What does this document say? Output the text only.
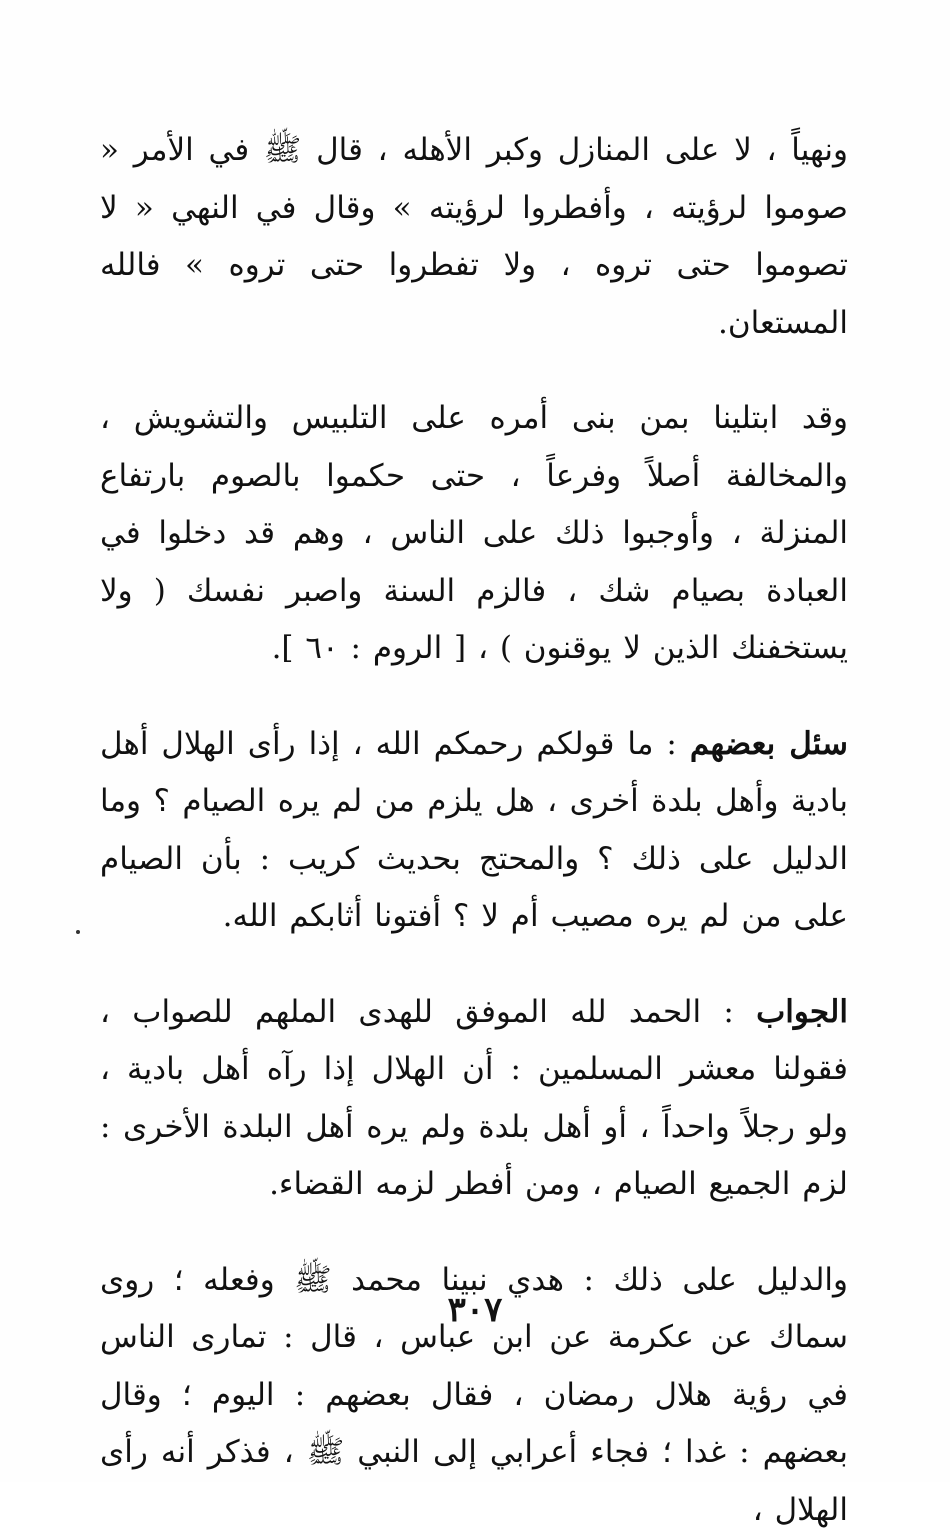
ونهياً ، لا على المنازل وكبر الأهله ، قال ﷺ في الأمر « صوموا لرؤيته ، وأفطروا لرؤيته » وقال في النهي « لا تصوموا حتى تروه ، ولا تفطروا حتى تروه » فالله المستعان.

وقد ابتلينا بمن بنى أمره على التلبيس والتشويش ، والمخالفة أصلاً وفرعاً ، حتى حكموا بالصوم بارتفاع المنزلة ، وأوجبوا ذلك على الناس ، وهم قد دخلوا في العبادة بصيام شك ، فالزم السنة واصبر نفسك ( ولا يستخفنك الذين لا يوقنون ) ، [ الروم : ٦٠ ].

سئل بعضهم : ما قولكم رحمكم الله ، إذا رأى الهلال أهل بادية وأهل بلدة أخرى ، هل يلزم من لم يره الصيام ؟ وما الدليل على ذلك ؟ والمحتج بحديث كريب : بأن الصيام على من لم يره مصيب أم لا ؟ أفتونا أثابكم الله.

الجواب : الحمد لله الموفق للهدى الملهم للصواب ، فقولنا معشر المسلمين : أن الهلال إذا رآه أهل بادية ، ولو رجلاً واحداً ، أو أهل بلدة ولم يره أهل البلدة الأخرى : لزم الجميع الصيام ، ومن أفطر لزمه القضاء.

والدليل على ذلك : هدي نبينا محمد ﷺ وفعله ؛ روى سماك عن عكرمة عن ابن عباس ، قال : تمارى الناس في رؤية هلال رمضان ، فقال بعضهم : اليوم ؛ وقال بعضهم : غدا ؛ فجاء أعرابي إلى النبي ﷺ ، فذكر أنه رأى الهلال ،

٣٠٧
